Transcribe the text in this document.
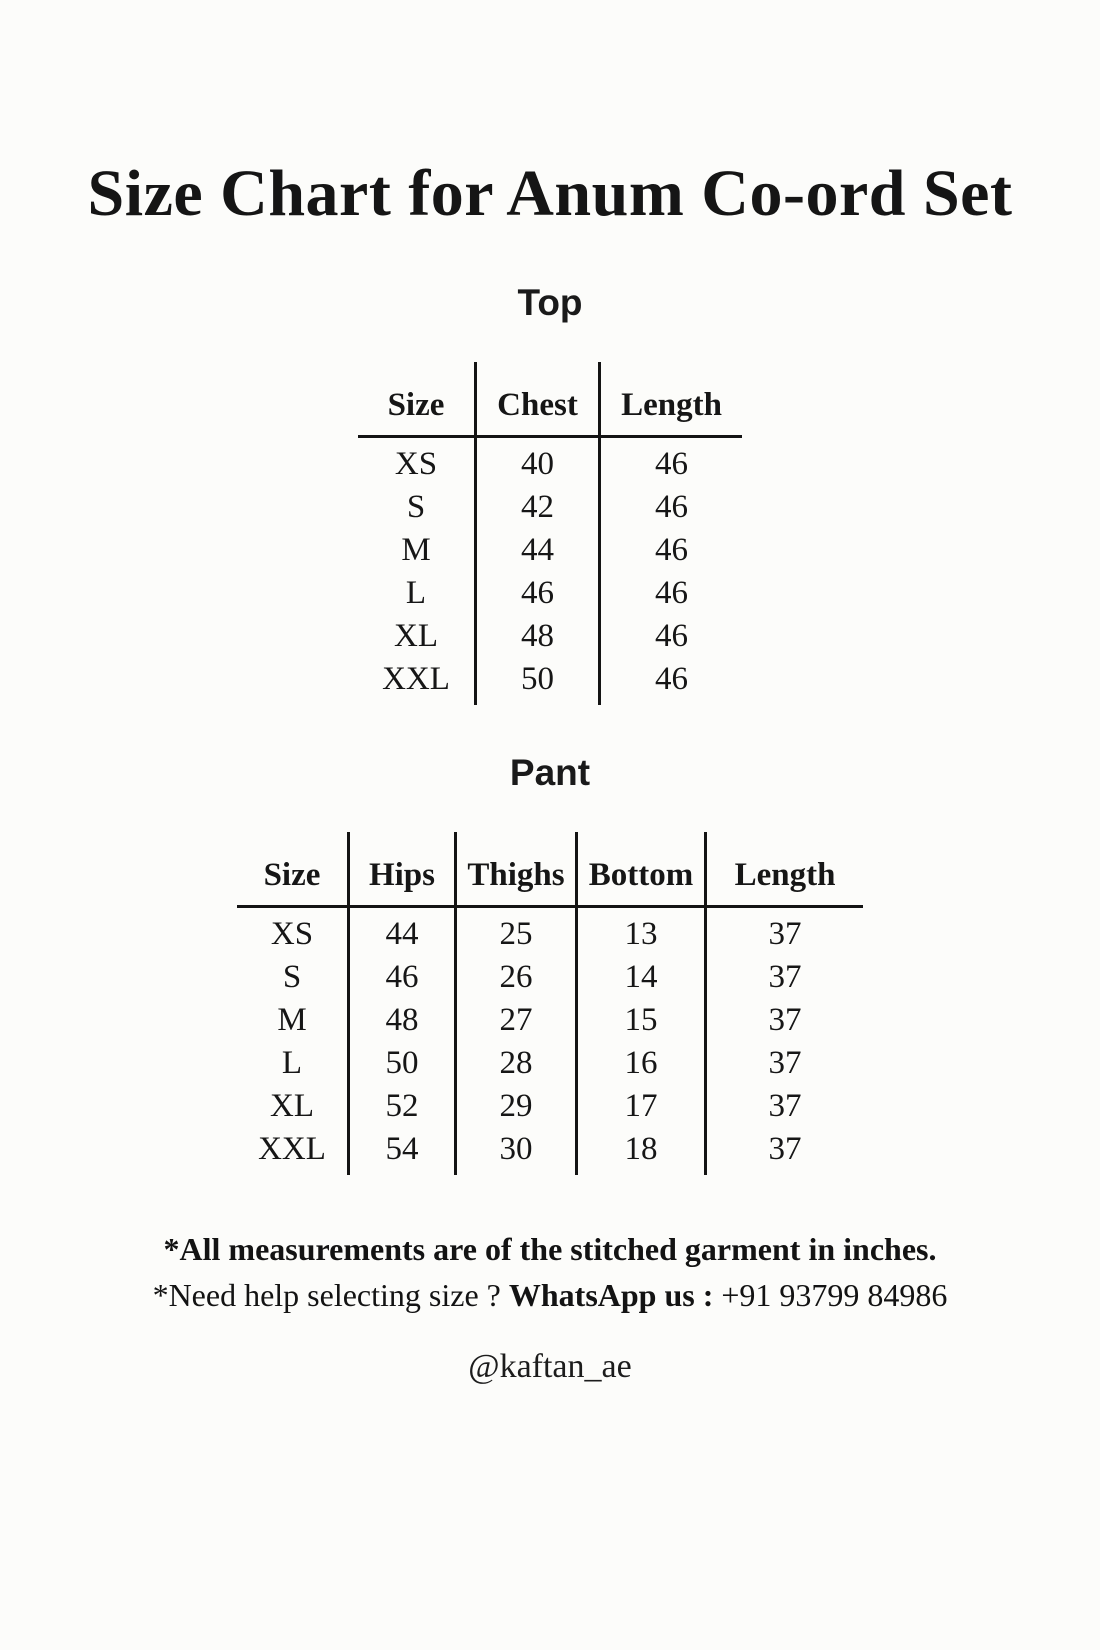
Size Chart for Anum Co-ord Set
Top
Size	Chest	Length
XS	40	46
S	42	46
M	44	46
L	46	46
XL	48	46
XXL	50	46
Pant
Size	Hips	Thighs	Bottom	Length
XS	44	25	13	37
S	46	26	14	37
M	48	27	15	37
L	50	28	16	37
XL	52	29	17	37
XXL	54	30	18	37
*All measurements are of the stitched garment in inches.
*Need help selecting size ? WhatsApp us : +91 93799 84986
@kaftan_ae
